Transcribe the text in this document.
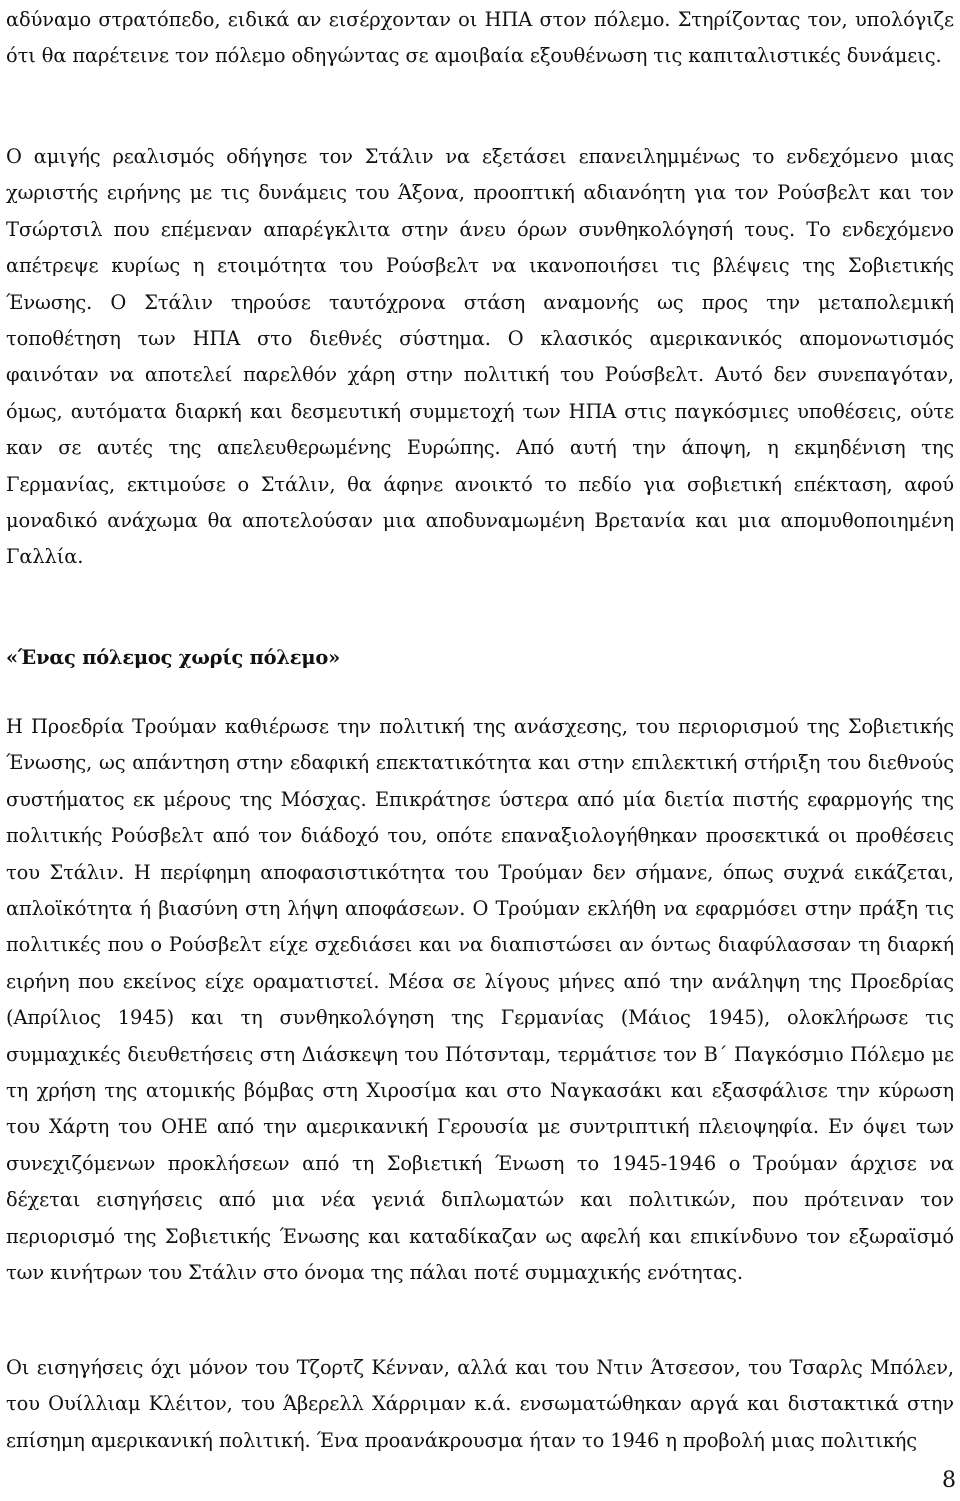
αδύναμο στρατόπεδο, ειδικά αν εισέρχονταν οι ΗΠΑ στον πόλεμο. Στηρίζοντας τον, υπολόγιζε ότι θα παρέτεινε τον πόλεμο οδηγώντας σε αμοιβαία εξουθένωση τις καπιταλιστικές δυνάμεις.

Ο αμιγής ρεαλισμός οδήγησε τον Στάλιν να εξετάσει επανειλημμένως το ενδεχόμενο μιας χωριστής ειρήνης με τις δυνάμεις του Άξονα, προοπτική αδιανόητη για τον Ρούσβελτ και τον Τσώρτσιλ που επέμεναν απαρέγκλιτα στην άνευ όρων συνθηκολόγησή τους. Το ενδεχόμενο απέτρεψε κυρίως η ετοιμότητα του Ρούσβελτ να ικανοποιήσει τις βλέψεις της Σοβιετικής Ένωσης. Ο Στάλιν τηρούσε ταυτόχρονα στάση αναμονής ως προς την μεταπολεμική τοποθέτηση των ΗΠΑ στο διεθνές σύστημα. Ο κλασικός αμερικανικός απομονωτισμός φαινόταν να αποτελεί παρελθόν χάρη στην πολιτική του Ρούσβελτ. Αυτό δεν συνεπαγόταν, όμως, αυτόματα διαρκή και δεσμευτική συμμετοχή των ΗΠΑ στις παγκόσμιες υποθέσεις, ούτε καν σε αυτές της απελευθερωμένης Ευρώπης. Από αυτή την άποψη, η εκμηδένιση της Γερμανίας, εκτιμούσε ο Στάλιν, θα άφηνε ανοικτό το πεδίο για σοβιετική επέκταση, αφού μοναδικό ανάχωμα θα αποτελούσαν μια αποδυναμωμένη Βρετανία και μια απομυθοποιημένη Γαλλία.

«Ένας πόλεμος χωρίς πόλεμο»

Η Προεδρία Τρούμαν καθιέρωσε την πολιτική της ανάσχεσης, του περιορισμού της Σοβιετικής Ένωσης, ως απάντηση στην εδαφική επεκτατικότητα και στην επιλεκτική στήριξη του διεθνούς συστήματος εκ μέρους της Μόσχας. Επικράτησε ύστερα από μία διετία πιστής εφαρμογής της πολιτικής Ρούσβελτ από τον διάδοχό του, οπότε επαναξιολογήθηκαν προσεκτικά οι προθέσεις του Στάλιν. Η περίφημη αποφασιστικότητα του Τρούμαν δεν σήμανε, όπως συχνά εικάζεται, απλοϊκότητα ή βιασύνη στη λήψη αποφάσεων. Ο Τρούμαν εκλήθη να εφαρμόσει στην πράξη τις πολιτικές που ο Ρούσβελτ είχε σχεδιάσει και να διαπιστώσει αν όντως διαφύλασσαν τη διαρκή ειρήνη που εκείνος είχε οραματιστεί. Μέσα σε λίγους μήνες από την ανάληψη της Προεδρίας (Απρίλιος 1945) και τη συνθηκολόγηση της Γερμανίας (Μάιος 1945), ολοκλήρωσε τις συμμαχικές διευθετήσεις στη Διάσκεψη του Πότσνταμ, τερμάτισε τον Β΄ Παγκόσμιο Πόλεμο με τη χρήση της ατομικής βόμβας στη Χιροσίμα και στο Ναγκασάκι και εξασφάλισε την κύρωση του Χάρτη του ΟΗΕ από την αμερικανική Γερουσία με συντριπτική πλειοψηφία. Εν όψει των συνεχιζόμενων προκλήσεων από τη Σοβιετική Ένωση το 1945-1946 ο Τρούμαν άρχισε να δέχεται εισηγήσεις από μια νέα γενιά διπλωματών και πολιτικών, που πρότειναν τον περιορισμό της Σοβιετικής Ένωσης και καταδίκαζαν ως αφελή και επικίνδυνο τον εξωραϊσμό των κινήτρων του Στάλιν στο όνομα της πάλαι ποτέ συμμαχικής ενότητας.

Οι εισηγήσεις όχι μόνον του Τζορτζ Κένναν, αλλά και του Ντιν Άτσεσον, του Τσαρλς Μπόλεν, του Ουίλλιαμ Κλέιτον, του Άβερελλ Χάρριμαν κ.ά. ενσωματώθηκαν αργά και διστακτικά στην επίσημη αμερικανική πολιτική. Ένα προανάκρουσμα ήταν το 1946 η προβολή μιας πολιτικής

8
